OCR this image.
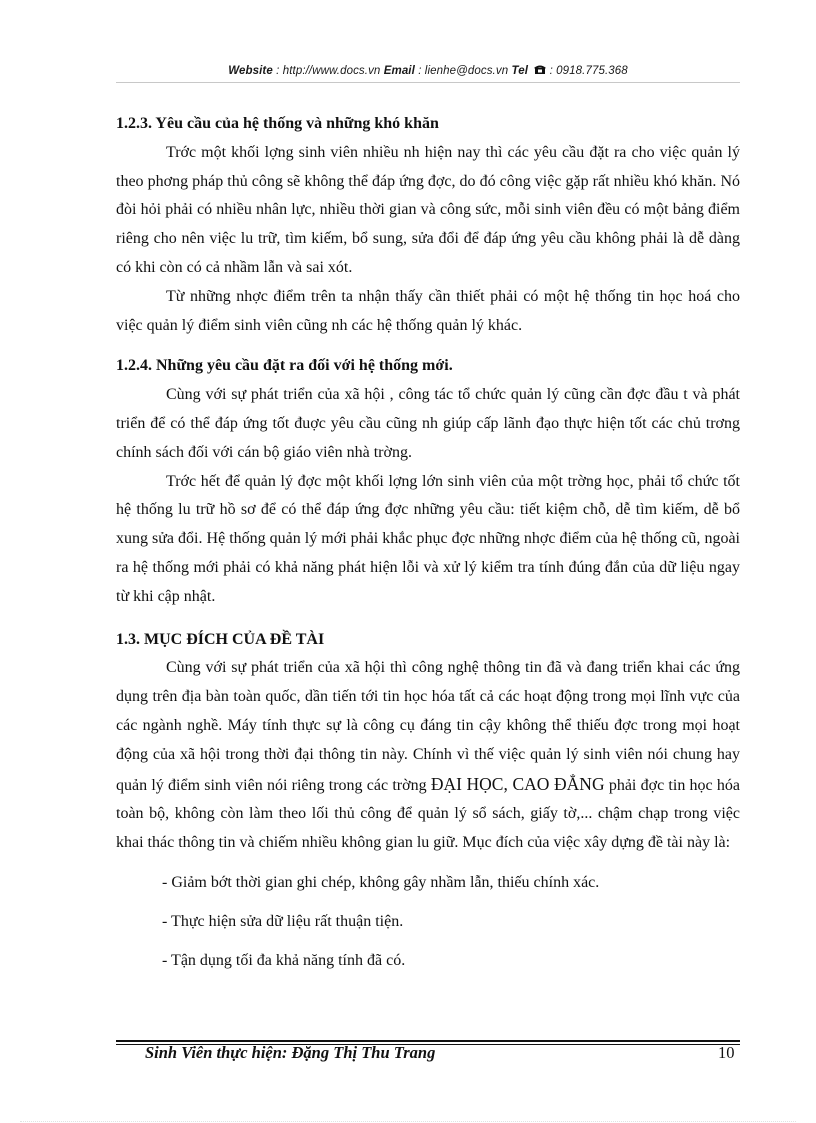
Website : http://www.docs.vn Email : lienhe@docs.vn Tel  : 0918.775.368

1.2.3. Yêu cầu của hệ thống và những khó khăn

Trớc một khối lợng sinh viên nhiều nh hiện nay thì các yêu cầu đặt ra cho việc quản lý theo phơng pháp thủ công sẽ không thể đáp ứng đợc, do đó công việc gặp rất nhiều khó khăn. Nó đòi hỏi phải có nhiều nhân lực, nhiều thời gian và công sức, mỗi sinh viên đều có một bảng điểm riêng cho nên việc lu trữ, tìm kiếm, bổ sung, sửa đổi để đáp ứng yêu cầu không phải là dễ dàng có khi còn có cả nhầm lẫn và sai xót.

Từ những nhợc điểm trên ta nhận thấy cần thiết phải có một hệ thống tin học hoá cho việc quản lý điểm sinh viên cũng nh các hệ thống quản lý khác.

1.2.4. Những yêu cầu đặt ra đối với hệ thống mới.

Cùng với sự phát triển của xã hội , công tác tổ chức quản lý cũng cần đợc đầu t và phát triển để có thể đáp ứng tốt đuợc yêu cầu cũng nh giúp cấp lãnh đạo thực hiện tốt các chủ trơng chính sách đối với cán bộ giáo viên nhà trờng.

Trớc hết để quản lý đợc một khối lợng lớn sinh viên của một trờng học, phải tổ chức tốt hệ thống lu trữ hồ sơ để có thể đáp ứng đợc những yêu cầu: tiết kiệm chỗ, dễ tìm kiếm, dễ bổ xung sửa đổi. Hệ thống quản lý mới phải khắc phục đợc những nhợc điểm của hệ thống cũ, ngoài ra hệ thống mới phải có khả năng phát hiện lỗi và xử lý kiểm tra tính đúng đắn của dữ liệu ngay từ khi cập nhật.

1.3. MỤC ĐÍCH CỦA ĐỀ TÀI

Cùng với sự phát triển của xã hội thì công nghệ thông tin đã và đang triển khai các ứng dụng trên địa bàn toàn quốc, dần tiến tới tin học hóa tất cả các hoạt động trong mọi lĩnh vực của các ngành nghề. Máy tính thực sự là công cụ đáng tin cậy không thể thiếu đợc trong mọi hoạt động của xã hội trong thời đại thông tin này. Chính vì thế việc quản lý sinh viên nói chung hay quản lý điểm sinh viên nói riêng trong các trờng ĐẠI HỌC, CAO ĐẲNG phải đợc tin học hóa toàn bộ, không còn làm theo lối thủ công để quản lý sổ sách, giấy tờ,... chậm chạp trong việc khai thác thông tin và chiếm nhiều không gian lu giữ. Mục đích của việc xây dựng đề tài này là:

- Giảm bớt thời gian ghi chép, không gây nhầm lẫn, thiếu chính xác.

- Thực hiện sửa dữ liệu rất thuận tiện.

- Tận dụng tối đa khả năng tính đã có.

Sinh Viên thực hiện: Đặng Thị Thu Trang	10
